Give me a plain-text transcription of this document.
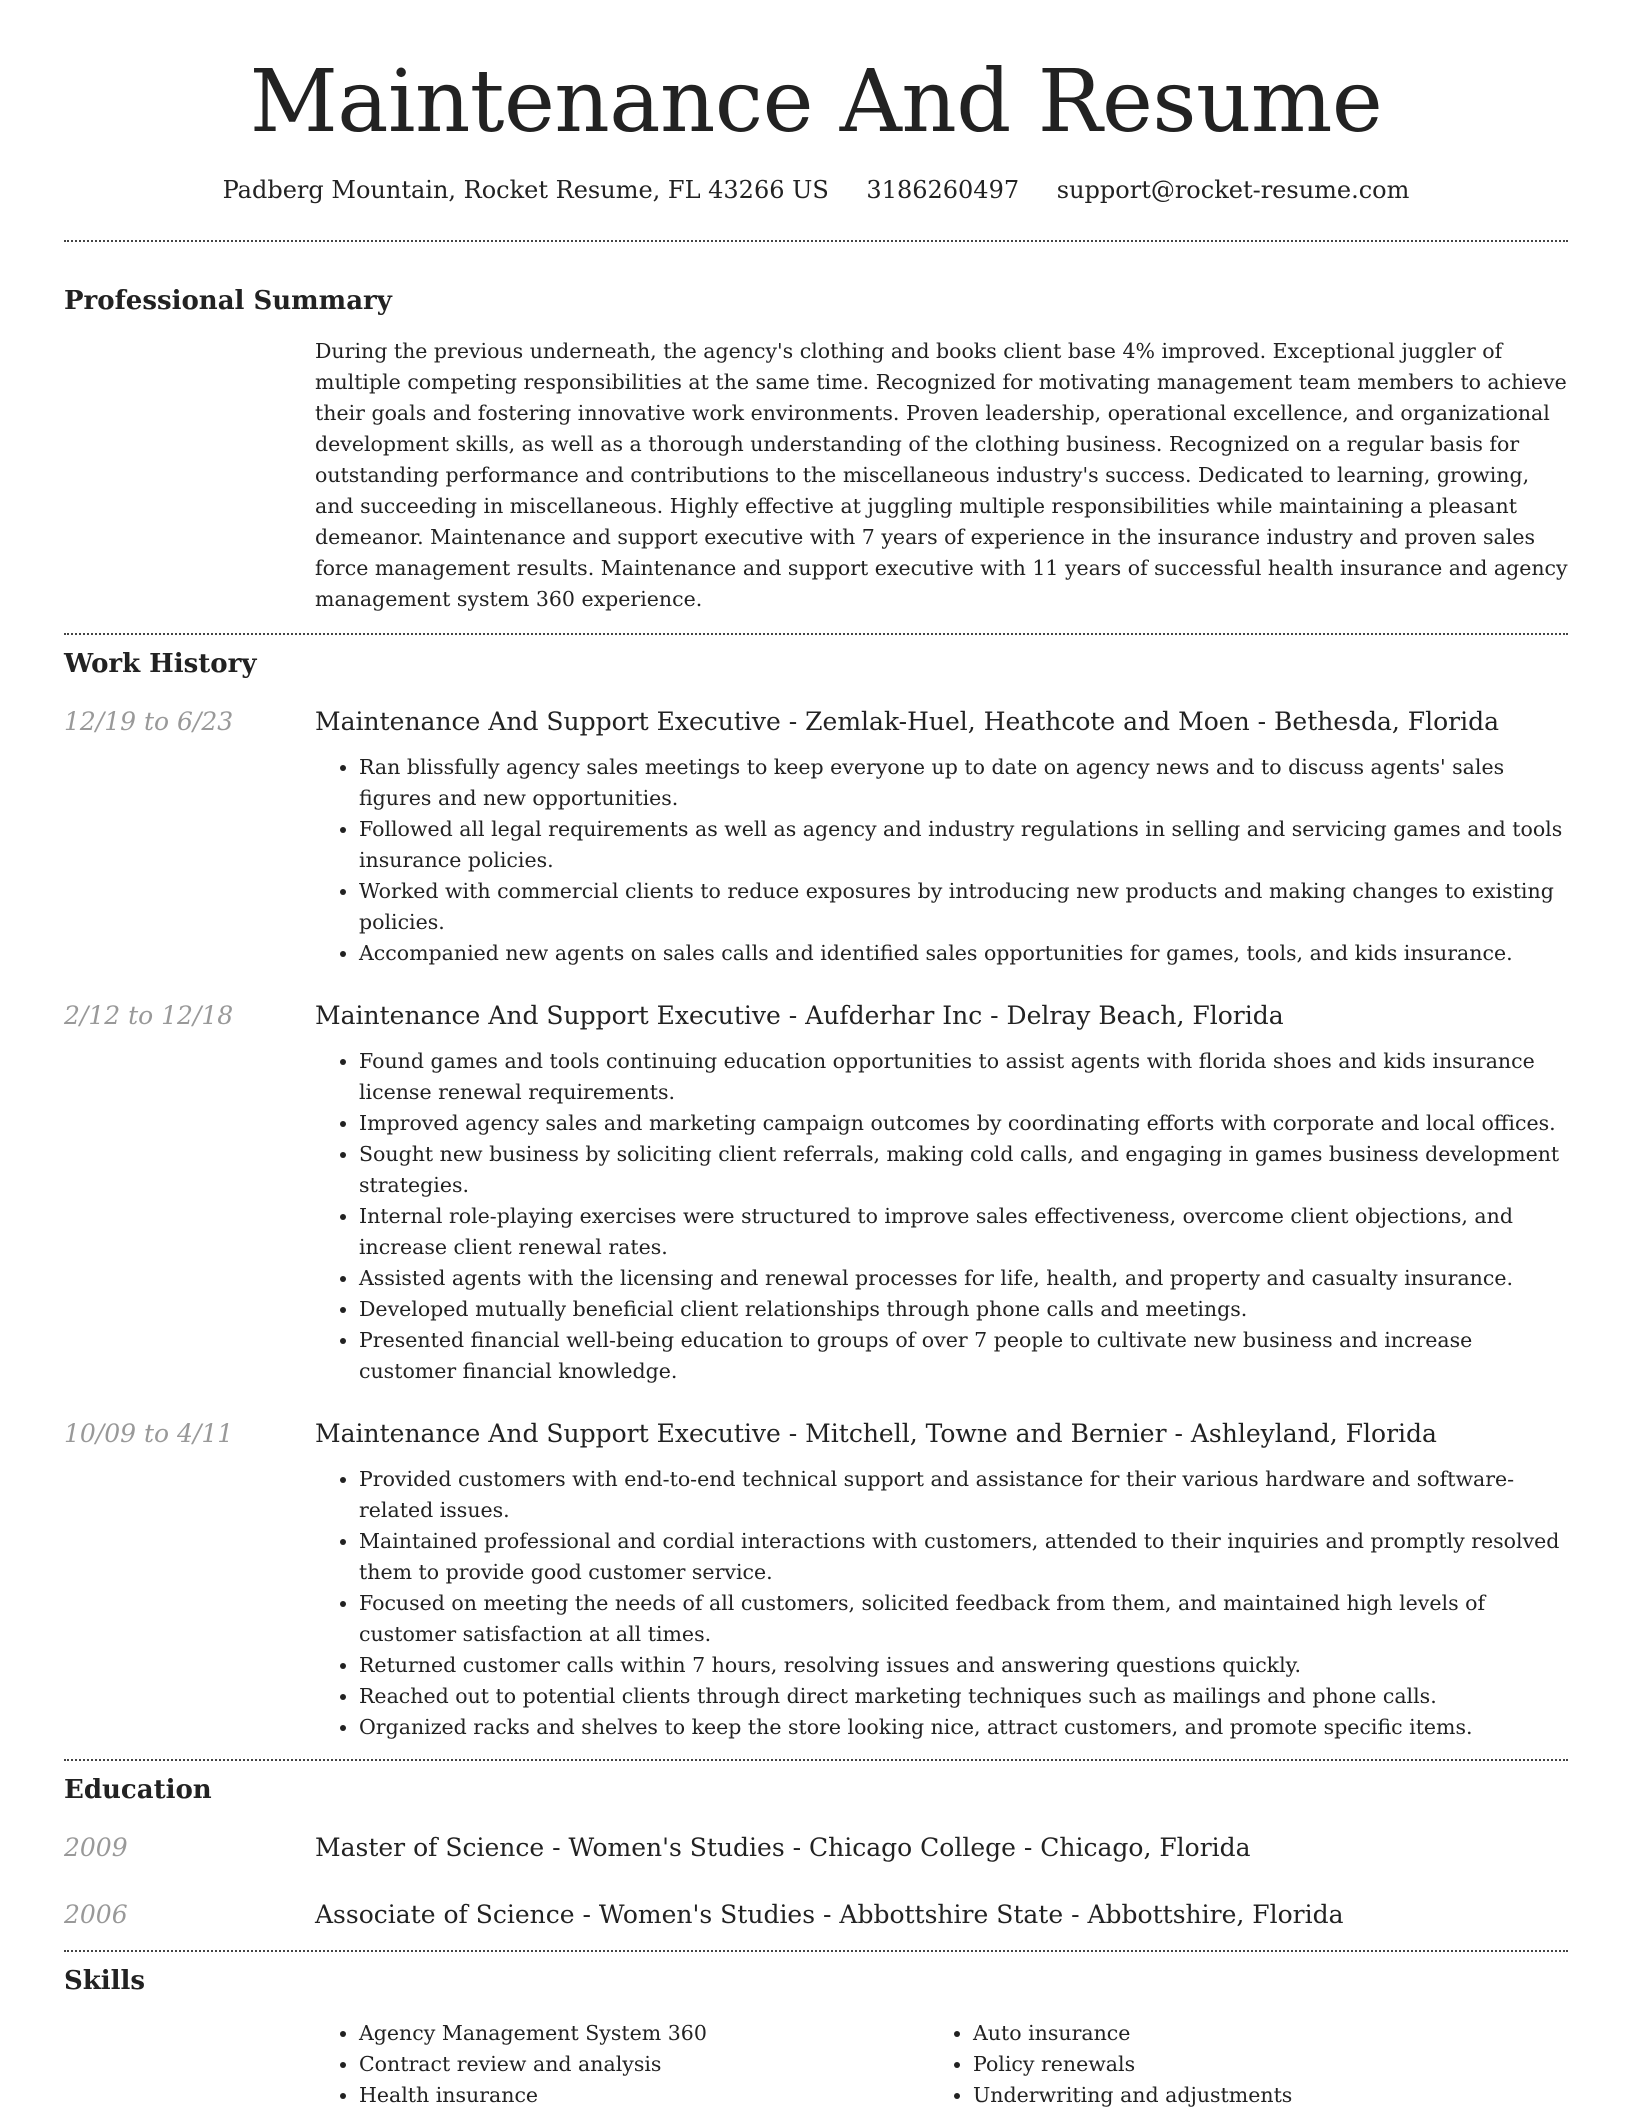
Maintenance And Resume
Padberg Mountain, Rocket Resume, FL 43266 US 3186260497 support@rocket-resume.com
Professional Summary

During the previous underneath, the agency's clothing and books client base 4% improved. Exceptional juggler of multiple competing responsibilities at the same time. Recognized for motivating management team members to achieve their goals and fostering innovative work environments. Proven leadership, operational excellence, and organizational development skills, as well as a thorough understanding of the clothing business. Recognized on a regular basis for outstanding performance and contributions to the miscellaneous industry's success. Dedicated to learning, growing, and succeeding in miscellaneous. Highly effective at juggling multiple responsibilities while maintaining a pleasant demeanor. Maintenance and support executive with 7 years of experience in the insurance industry and proven sales force management results. Maintenance and support executive with 11 years of successful health insurance and agency management system 360 experience.

Work History
12/19 to 6/23	Maintenance And Support Executive - Zemlak-Huel, Heathcote and Moen - Bethesda, Florida
• Ran blissfully agency sales meetings to keep everyone up to date on agency news and to discuss agents' sales figures and new opportunities.
• Followed all legal requirements as well as agency and industry regulations in selling and servicing games and tools insurance policies.
• Worked with commercial clients to reduce exposures by introducing new products and making changes to existing policies.
• Accompanied new agents on sales calls and identified sales opportunities for games, tools, and kids insurance.
2/12 to 12/18	Maintenance And Support Executive - Aufderhar Inc - Delray Beach, Florida
• Found games and tools continuing education opportunities to assist agents with florida shoes and kids insurance license renewal requirements.
• Improved agency sales and marketing campaign outcomes by coordinating efforts with corporate and local offices.
• Sought new business by soliciting client referrals, making cold calls, and engaging in games business development strategies.
• Internal role-playing exercises were structured to improve sales effectiveness, overcome client objections, and increase client renewal rates.
• Assisted agents with the licensing and renewal processes for life, health, and property and casualty insurance.
• Developed mutually beneficial client relationships through phone calls and meetings.
• Presented financial well-being education to groups of over 7 people to cultivate new business and increase customer financial knowledge.
10/09 to 4/11	Maintenance And Support Executive - Mitchell, Towne and Bernier - Ashleyland, Florida
• Provided customers with end-to-end technical support and assistance for their various hardware and software-related issues.
• Maintained professional and cordial interactions with customers, attended to their inquiries and promptly resolved them to provide good customer service.
• Focused on meeting the needs of all customers, solicited feedback from them, and maintained high levels of customer satisfaction at all times.
• Returned customer calls within 7 hours, resolving issues and answering questions quickly.
• Reached out to potential clients through direct marketing techniques such as mailings and phone calls.
• Organized racks and shelves to keep the store looking nice, attract customers, and promote specific items.
Education
2009	Master of Science - Women's Studies - Chicago College - Chicago, Florida
2006	Associate of Science - Women's Studies - Abbottshire State - Abbottshire, Florida
Skills
• Agency Management System 360
• Contract review and analysis
• Health insurance
• Auto insurance
• Policy renewals
• Underwriting and adjustments
